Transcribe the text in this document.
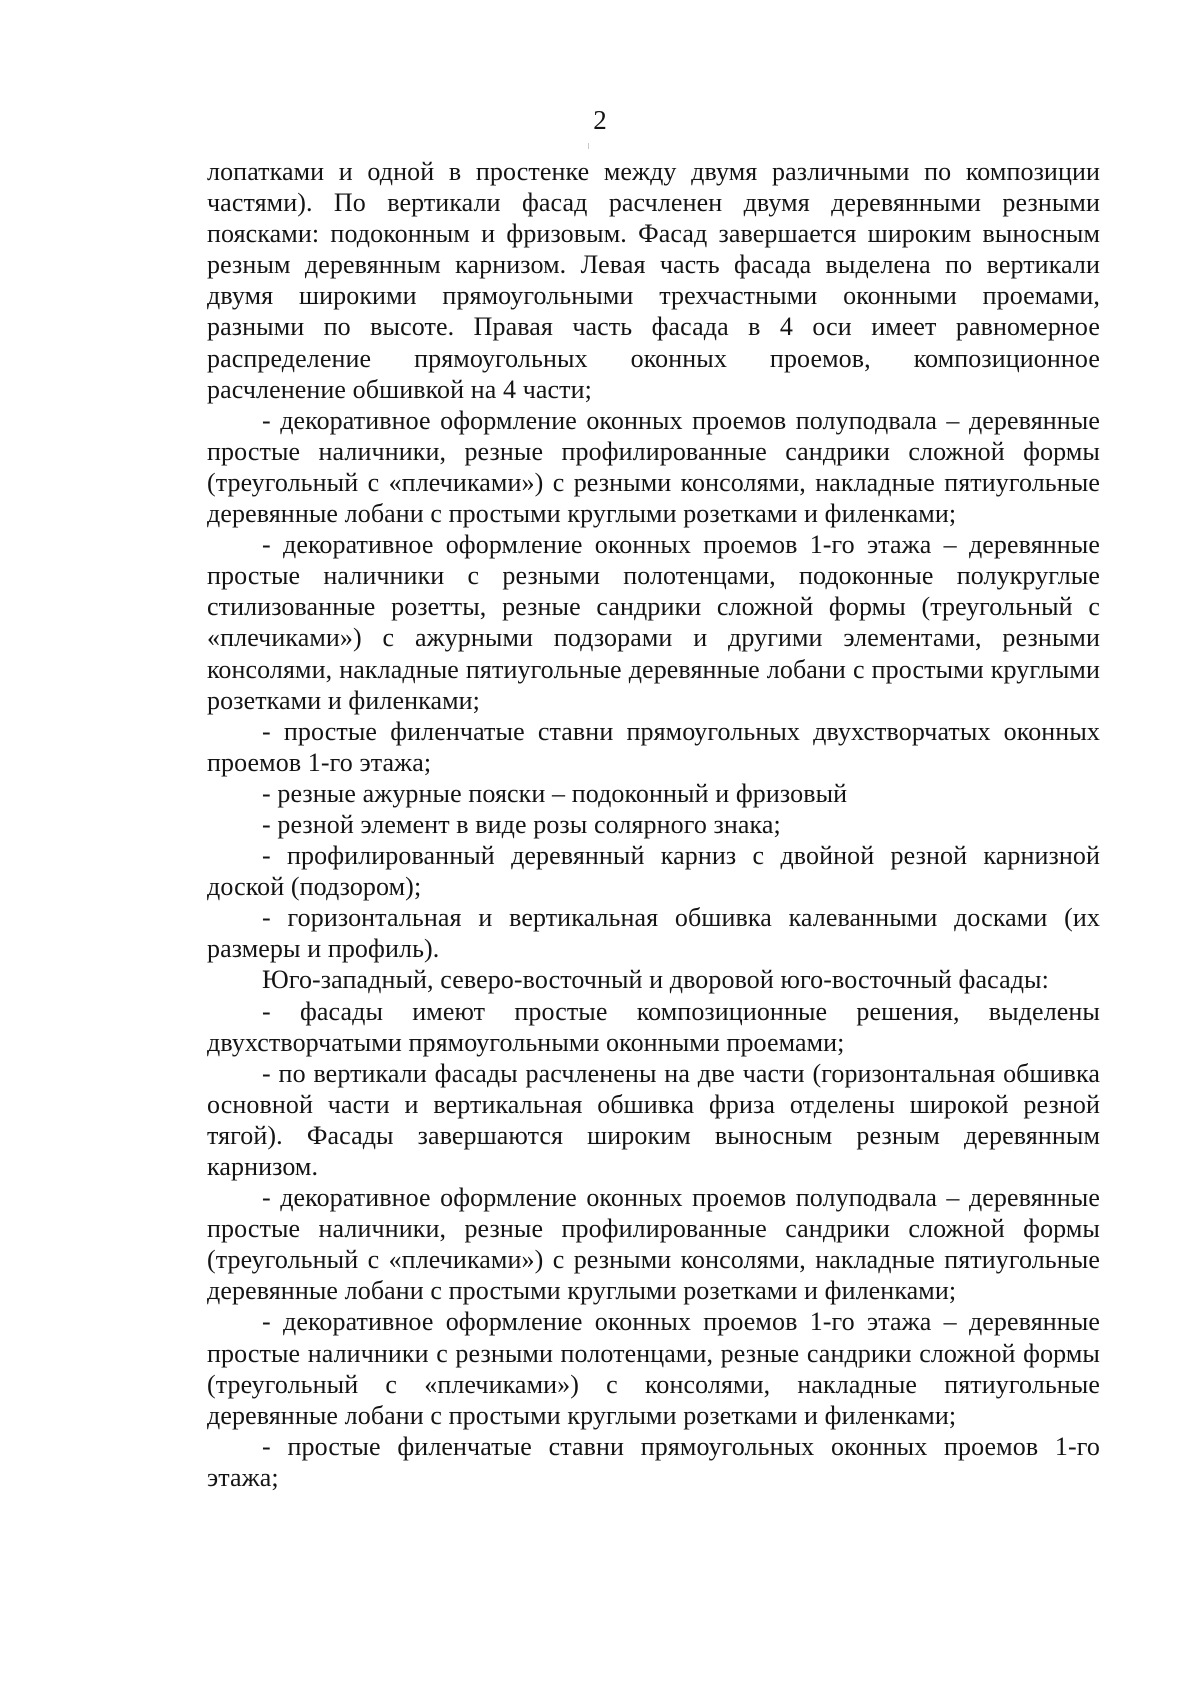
2

лопатками и одной в простенке между двумя различными по композиции частями). По вертикали фасад расчленен двумя деревянными резными поясками: подоконным и фризовым. Фасад завершается широким выносным резным деревянным карнизом. Левая часть фасада выделена по вертикали двумя широкими прямоугольными трехчастными оконными проемами, разными по высоте. Правая часть фасада в 4 оси имеет равномерное распределение прямоугольных оконных проемов, композиционное расчленение обшивкой на 4 части;

- декоративное оформление оконных проемов полуподвала – деревянные простые наличники, резные профилированные сандрики сложной формы (треугольный с «плечиками») с резными консолями, накладные пятиугольные деревянные лобани с простыми круглыми розетками и филенками;

- декоративное оформление оконных проемов 1-го этажа – деревянные простые наличники с резными полотенцами, подоконные полукруглые стилизованные розетты, резные сандрики сложной формы (треугольный с «плечиками») с ажурными подзорами и другими элементами, резными консолями, накладные пятиугольные деревянные лобани с простыми круглыми розетками и филенками;

- простые филенчатые ставни прямоугольных двухстворчатых оконных проемов 1-го этажа;

- резные ажурные пояски – подоконный и фризовый

- резной элемент в виде розы солярного знака;

- профилированный деревянный карниз с двойной резной карнизной доской (подзором);

- горизонтальная и вертикальная обшивка калеванными досками (их размеры и профиль).

Юго-западный, северо-восточный и дворовой юго-восточный фасады:

- фасады имеют простые композиционные решения, выделены двухстворчатыми прямоугольными оконными проемами;

- по вертикали фасады расчленены на две части (горизонтальная обшивка основной части и вертикальная обшивка фриза отделены широкой резной тягой). Фасады завершаются широким выносным резным деревянным карнизом.

- декоративное оформление оконных проемов полуподвала – деревянные простые наличники, резные профилированные сандрики сложной формы (треугольный с «плечиками») с резными консолями, накладные пятиугольные деревянные лобани с простыми круглыми розетками и филенками;

- декоративное оформление оконных проемов 1-го этажа – деревянные простые наличники с резными полотенцами, резные сандрики сложной формы (треугольный с «плечиками») с консолями, накладные пятиугольные деревянные лобани с простыми круглыми розетками и филенками;

- простые филенчатые ставни прямоугольных оконных проемов 1-го этажа;
